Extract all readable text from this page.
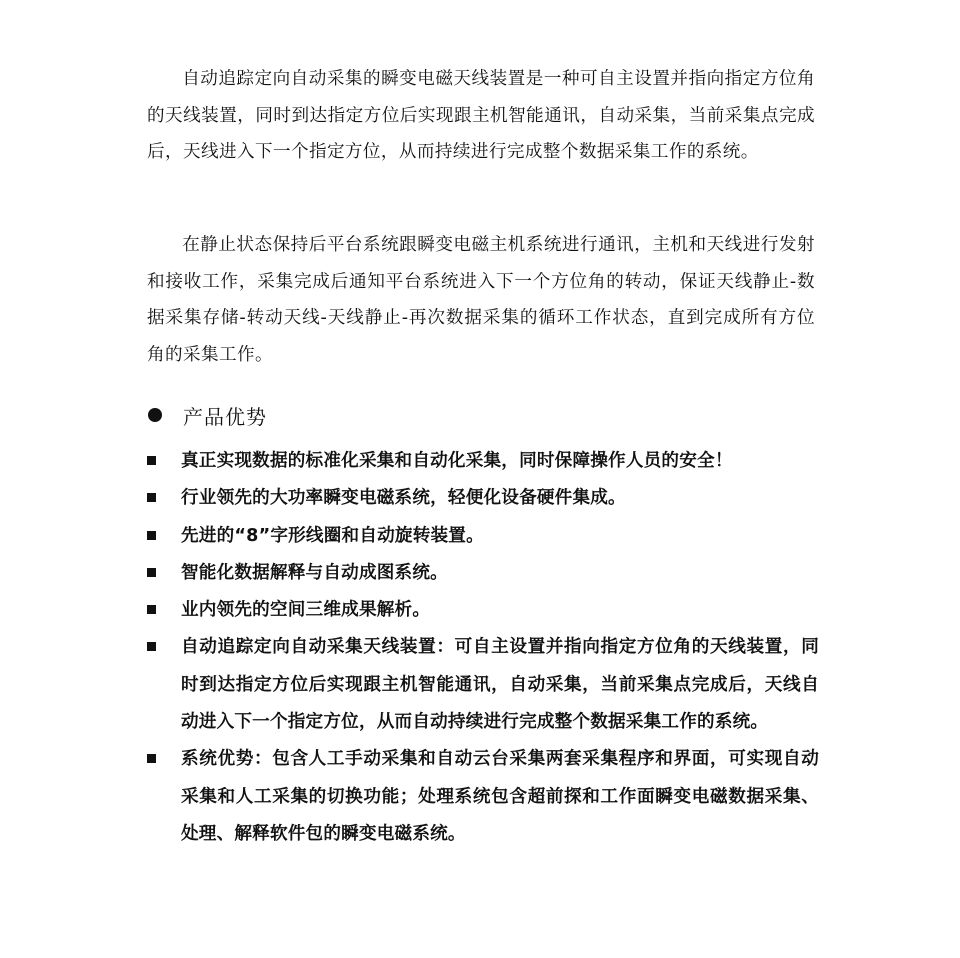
自动追踪定向自动采集的瞬变电磁天线装置是一种可自主设置并指向指定方位角的天线装置，同时到达指定方位后实现跟主机智能通讯，自动采集，当前采集点完成后，天线进入下一个指定方位，从而持续进行完成整个数据采集工作的系统。

在静止状态保持后平台系统跟瞬变电磁主机系统进行通讯，主机和天线进行发射和接收工作，采集完成后通知平台系统进入下一个方位角的转动，保证天线静止-数据采集存储-转动天线-天线静止-再次数据采集的循环工作状态，直到完成所有方位角的采集工作。

产品优势
真正实现数据的标准化采集和自动化采集，同时保障操作人员的安全！
行业领先的大功率瞬变电磁系统，轻便化设备硬件集成。
先进的“8”字形线圈和自动旋转装置。
智能化数据解释与自动成图系统。
业内领先的空间三维成果解析。
自动追踪定向自动采集天线装置：可自主设置并指向指定方位角的天线装置，同时到达指定方位后实现跟主机智能通讯，自动采集，当前采集点完成后，天线自动进入下一个指定方位，从而自动持续进行完成整个数据采集工作的系统。
系统优势：包含人工手动采集和自动云台采集两套采集程序和界面，可实现自动采集和人工采集的切换功能；处理系统包含超前探和工作面瞬变电磁数据采集、处理、解释软件包的瞬变电磁系统。
